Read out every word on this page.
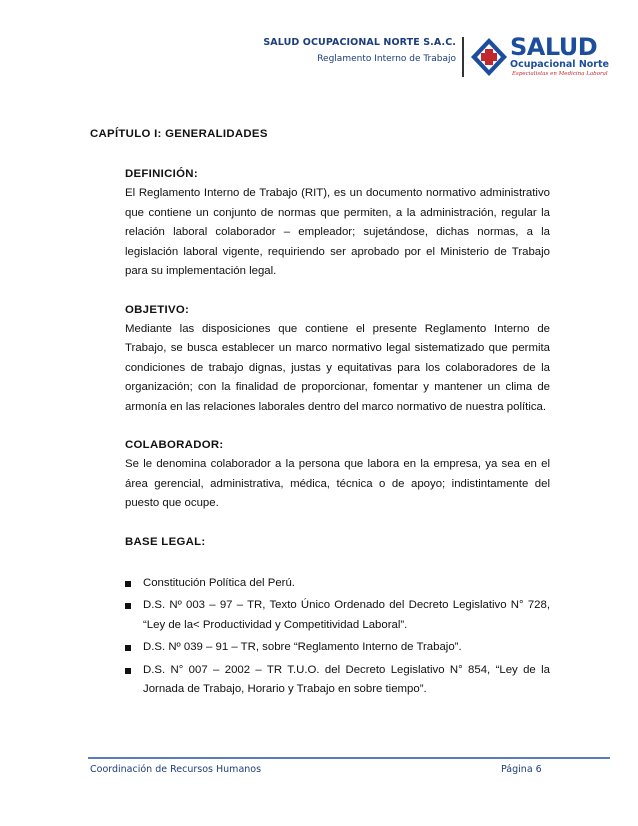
SALUD OCUPACIONAL NORTE S.A.C.
Reglamento Interno de Trabajo SALUD
Ocupacional Norte
Especialistas en Medicina Laboral
CAPÍTULO I: GENERALIDADES
DEFINICIÓN:

El Reglamento Interno de Trabajo (RIT), es un documento normativo administrativo que contiene un conjunto de normas que permiten, a la administración, regular la relación laboral colaborador – empleador; sujetándose, dichas normas, a la legislación laboral vigente, requiriendo ser aprobado por el Ministerio de Trabajo para su implementación legal.

OBJETIVO:

Mediante las disposiciones que contiene el presente Reglamento Interno de Trabajo, se busca establecer un marco normativo legal sistematizado que permita condiciones de trabajo dignas, justas y equitativas para los colaboradores de la organización; con la finalidad de proporcionar, fomentar y mantener un clima de armonía en las relaciones laborales dentro del marco normativo de nuestra política.

COLABORADOR:

Se le denomina colaborador a la persona que labora en la empresa, ya sea en el área gerencial, administrativa, médica, técnica o de apoyo; indistintamente del puesto que ocupe.

BASE LEGAL:
Constitución Política del Perú.
D.S. Nº 003 – 97 – TR, Texto Único Ordenado del Decreto Legislativo N° 728, “Ley de la< Productividad y Competitividad Laboral”.
D.S. Nº 039 – 91 – TR, sobre “Reglamento Interno de Trabajo”.
D.S. N° 007 – 2002 – TR T.U.O. del Decreto Legislativo N° 854, “Ley de la Jornada de Trabajo, Horario y Trabajo en sobre tiempo”.
Coordinación de Recursos Humanos	Página 6
